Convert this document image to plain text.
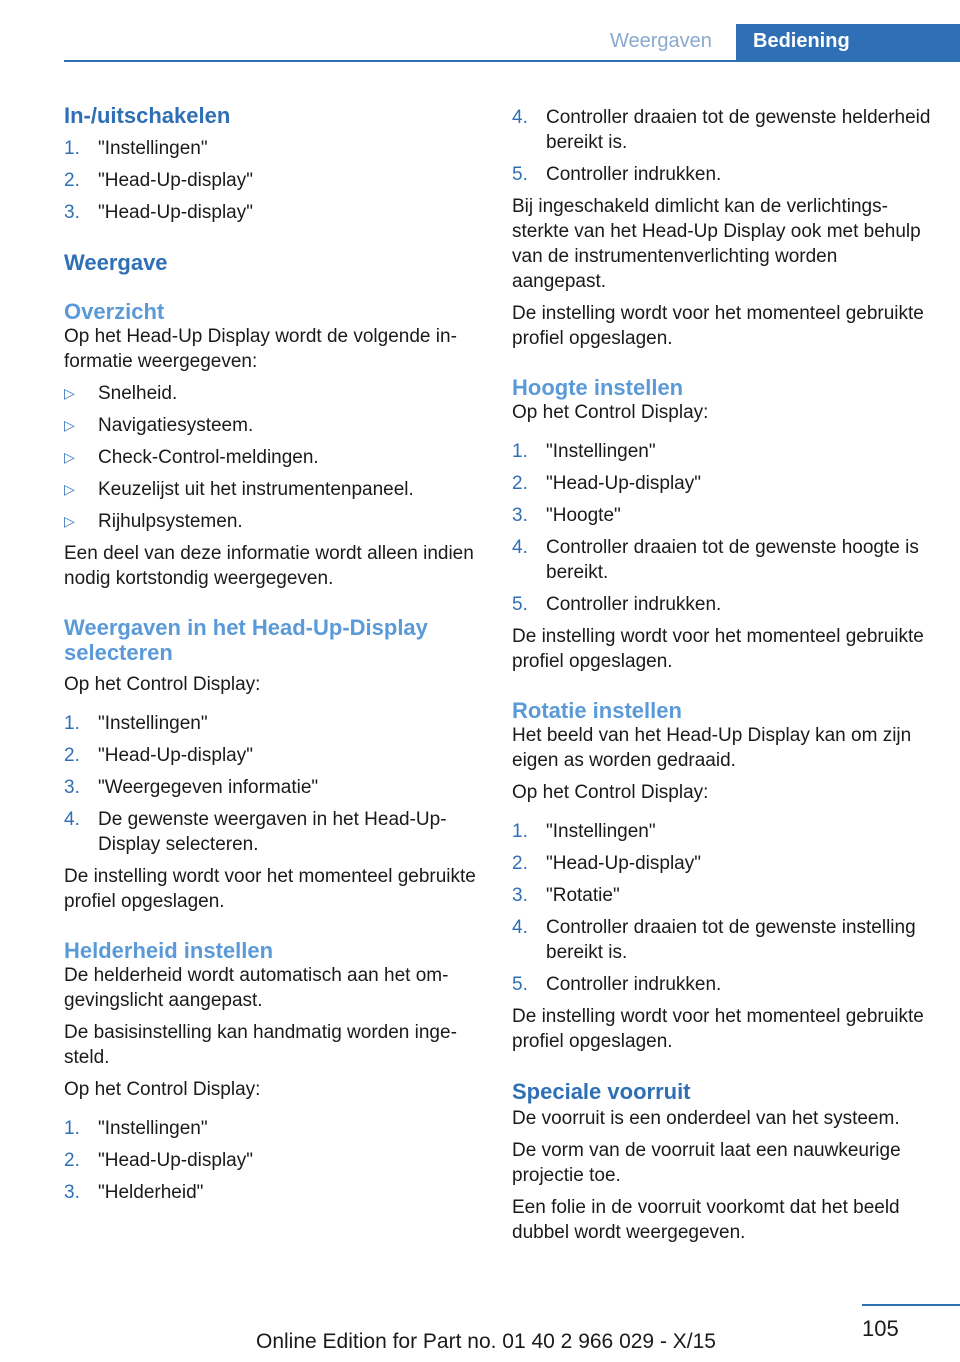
Weergaven	Bediening
In-/uitschakelen
1. "Instellingen"
2. "Head-Up-display"
3. "Head-Up-display"
Weergave
Overzicht

Op het Head-Up Display wordt de volgende informatie weergegeven:

▷ Snelheid.
▷ Navigatiesysteem.
▷ Check-Control-meldingen.
▷ Keuzelijst uit het instrumentenpaneel.
▷ Rijhulpsystemen.

Een deel van deze informatie wordt alleen indien nodig kortstondig weergegeven.

Weergaven in het Head-Up-Display selecteren

Op het Control Display:

1. "Instellingen"
2. "Head-Up-display"
3. "Weergegeven informatie"
4. De gewenste weergaven in het Head-Up-Display selecteren.

De instelling wordt voor het momenteel gebruikte profiel opgeslagen.

Helderheid instellen

De helderheid wordt automatisch aan het omgevingslicht aangepast.

De basisinstelling kan handmatig worden ingesteld.

Op het Control Display:

1. "Instellingen"
2. "Head-Up-display"
3. "Helderheid"
4. Controller draaien tot de gewenste helderheid bereikt is.
5. Controller indrukken.

Bij ingeschakeld dimlicht kan de verlichtingssterkte van het Head-Up Display ook met behulp van de instrumentenverlichting worden aangepast.

De instelling wordt voor het momenteel gebruikte profiel opgeslagen.

Hoogte instellen

Op het Control Display:

1. "Instellingen"
2. "Head-Up-display"
3. "Hoogte"
4. Controller draaien tot de gewenste hoogte is bereikt.
5. Controller indrukken.

De instelling wordt voor het momenteel gebruikte profiel opgeslagen.

Rotatie instellen

Het beeld van het Head-Up Display kan om zijn eigen as worden gedraaid.

Op het Control Display:

1. "Instellingen"
2. "Head-Up-display"
3. "Rotatie"
4. Controller draaien tot de gewenste instelling bereikt is.
5. Controller indrukken.

De instelling wordt voor het momenteel gebruikte profiel opgeslagen.

Speciale voorruit

De voorruit is een onderdeel van het systeem.

De vorm van de voorruit laat een nauwkeurige projectie toe.

Een folie in de voorruit voorkomt dat het beeld dubbel wordt weergegeven.

105
Online Edition for Part no. 01 40 2 966 029 - X/15
